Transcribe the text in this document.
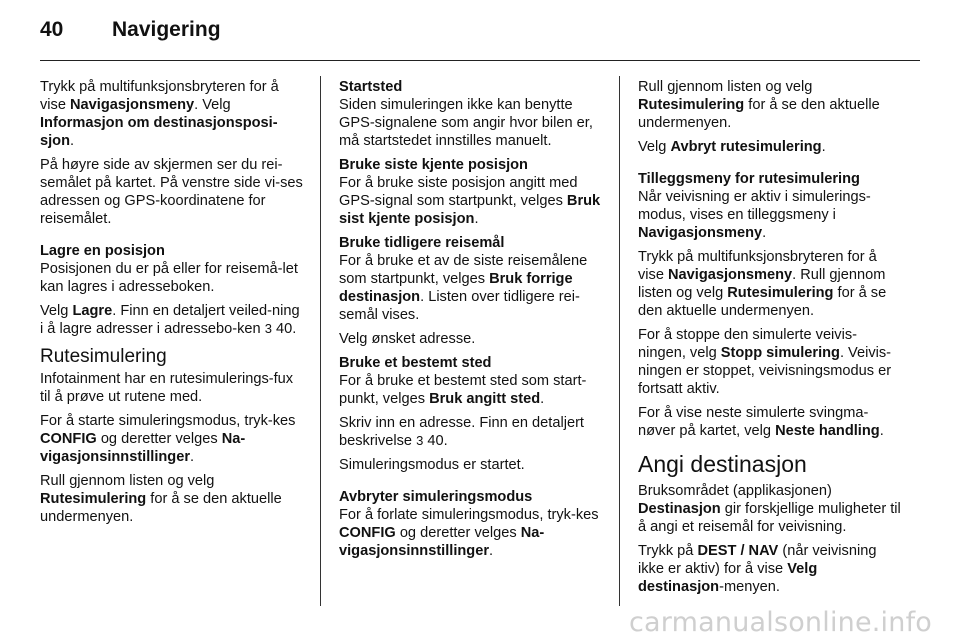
40	Navigering

Trykk på multifunksjonsbryteren for å vise Navigasjonsmeny. Velg Informasjon om destinasjonsposi-sjon.

På høyre side av skjermen ser du rei-semålet på kartet. På venstre side vi-ses adressen og GPS-koordinatene for reisemålet.

Lagre en posisjon

Posisjonen du er på eller for reisemå-let kan lagres i adresseboken.

Velg Lagre. Finn en detaljert veiled-ning i å lagre adresser i adressebo-ken 3 40.

Rutesimulering

Infotainment har en rutesimulerings-fux til å prøve ut rutene med.

For å starte simuleringsmodus, tryk-kes CONFIG og deretter velges Na-vigasjonsinnstillinger.

Rull gjennom listen og velg Rutesimulering for å se den aktuelle undermenyen.

Startsted

Siden simuleringen ikke kan benytte GPS-signalene som angir hvor bilen er, må startstedet innstilles manuelt.

Bruke siste kjente posisjon

For å bruke siste posisjon angitt med GPS-signal som startpunkt, velges Bruk sist kjente posisjon.

Bruke tidligere reisemål

For å bruke et av de siste reisemålene som startpunkt, velges Bruk forrige destinasjon. Listen over tidligere rei-semål vises.

Velg ønsket adresse.

Bruke et bestemt sted

For å bruke et bestemt sted som start-punkt, velges Bruk angitt sted.

Skriv inn en adresse. Finn en detaljert beskrivelse 3 40.

Simuleringsmodus er startet.

Avbryter simuleringsmodus

For å forlate simuleringsmodus, tryk-kes CONFIG og deretter velges Na-vigasjonsinnstillinger.

Rull gjennom listen og velg Rutesimulering for å se den aktuelle undermenyen.

Velg Avbryt rutesimulering.

Tilleggsmeny for rutesimulering

Når veivisning er aktiv i simulerings-modus, vises en tilleggsmeny i Navigasjonsmeny.

Trykk på multifunksjonsbryteren for å vise Navigasjonsmeny. Rull gjennom listen og velg Rutesimulering for å se den aktuelle undermenyen.

For å stoppe den simulerte veivis-ningen, velg Stopp simulering. Veivis-ningen er stoppet, veivisningsmodus er fortsatt aktiv.

For å vise neste simulerte svingma-nøver på kartet, velg Neste handling.

Angi destinasjon

Bruksområdet (applikasjonen) Destinasjon gir forskjellige muligheter til å angi et reisemål for veivisning.

Trykk på DEST / NAV (når veivisning ikke er aktiv) for å vise Velg destinasjon-menyen.

carmanualsonline.info
